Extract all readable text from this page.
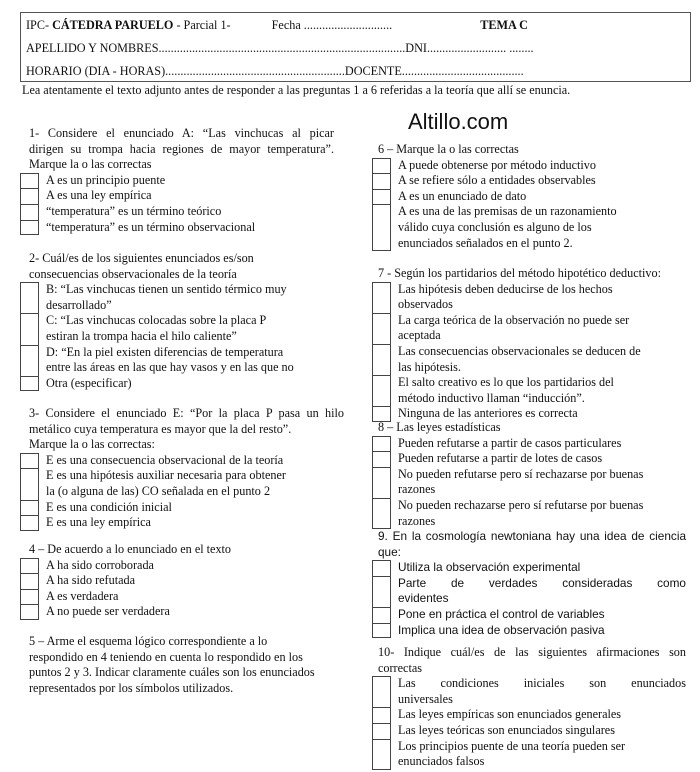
IPC- CÁTEDRA PARUELO - Parcial 1-	Fecha .............................	TEMA C
APELLIDO Y NOMBRES.................................................................................DNI.......................... ........
HORARIO (DIA - HORAS)...........................................................DOCENTE........................................
Lea atentamente el texto adjunto antes de responder a las preguntas 1 a 6 referidas a la teoría que allí se enuncia.
Altillo.com
1- Considere el enunciado A: “Las vinchucas al picar
dirigen su trompa hacia regiones de mayor temperatura”.
Marque la o las correctas
A es un principio puente
A es una ley empírica
“temperatura” es un término teórico
“temperatura” es un término observacional
2- Cuál/es de los siguientes enunciados es/son
consecuencias observacionales de la teoría
B: “Las vinchucas tienen un sentido térmico muy
desarrollado”
C: “Las vinchucas colocadas sobre la placa P
estiran la trompa hacia el hilo caliente”
D: “En la piel existen diferencias de temperatura
entre las áreas en las que hay vasos y en las que no
Otra (especificar)
3- Considere el enunciado E: “Por la placa P pasa un hilo
metálico cuya temperatura es mayor que la del resto”.
Marque la o las correctas:
E es una consecuencia observacional de la teoría
E es una hipótesis auxiliar necesaria para obtener
la (o alguna de las) CO señalada en el punto 2
E es una condición inicial
E es una ley empírica
4 – De acuerdo a lo enunciado en el texto
A ha sido corroborada
A ha sido refutada
A es verdadera
A no puede ser verdadera
5 – Arme el esquema lógico correspondiente a lo
respondido en 4 teniendo en cuenta lo respondido en los
puntos 2 y 3. Indicar claramente cuáles son los enunciados
representados por los símbolos utilizados.
6 – Marque la o las correctas
A puede obtenerse por método inductivo
A se refiere sólo a entidades observables
A es un enunciado de dato
A es una de las premisas de un razonamiento
válido cuya conclusión es alguno de los
enunciados señalados en el punto 2.
7 - Según los partidarios del método hipotético deductivo:
Las hipótesis deben deducirse de los hechos
observados
La carga teórica de la observación no puede ser
aceptada
Las consecuencias observacionales se deducen de
las hipótesis.
El salto creativo es lo que los partidarios del
método inductivo llaman “inducción”.
Ninguna de las anteriores es correcta
8 – Las leyes estadísticas
Pueden refutarse a partir de casos particulares
Pueden refutarse a partir de lotes de casos
No pueden refutarse pero sí rechazarse por buenas
razones
No pueden rechazarse pero sí refutarse por buenas
razones
9. En la cosmología newtoniana hay una idea de ciencia
que:
Utiliza la observación experimental
Parte de verdades consideradas como
evidentes
Pone en práctica el control de variables
Implica una idea de observación pasiva
10- Indique cuál/es de las siguientes afirmaciones son
correctas
Las condiciones iniciales son enunciados
universales
Las leyes empíricas son enunciados generales
Las leyes teóricas son enunciados singulares
Los principios puente de una teoría pueden ser
enunciados falsos
